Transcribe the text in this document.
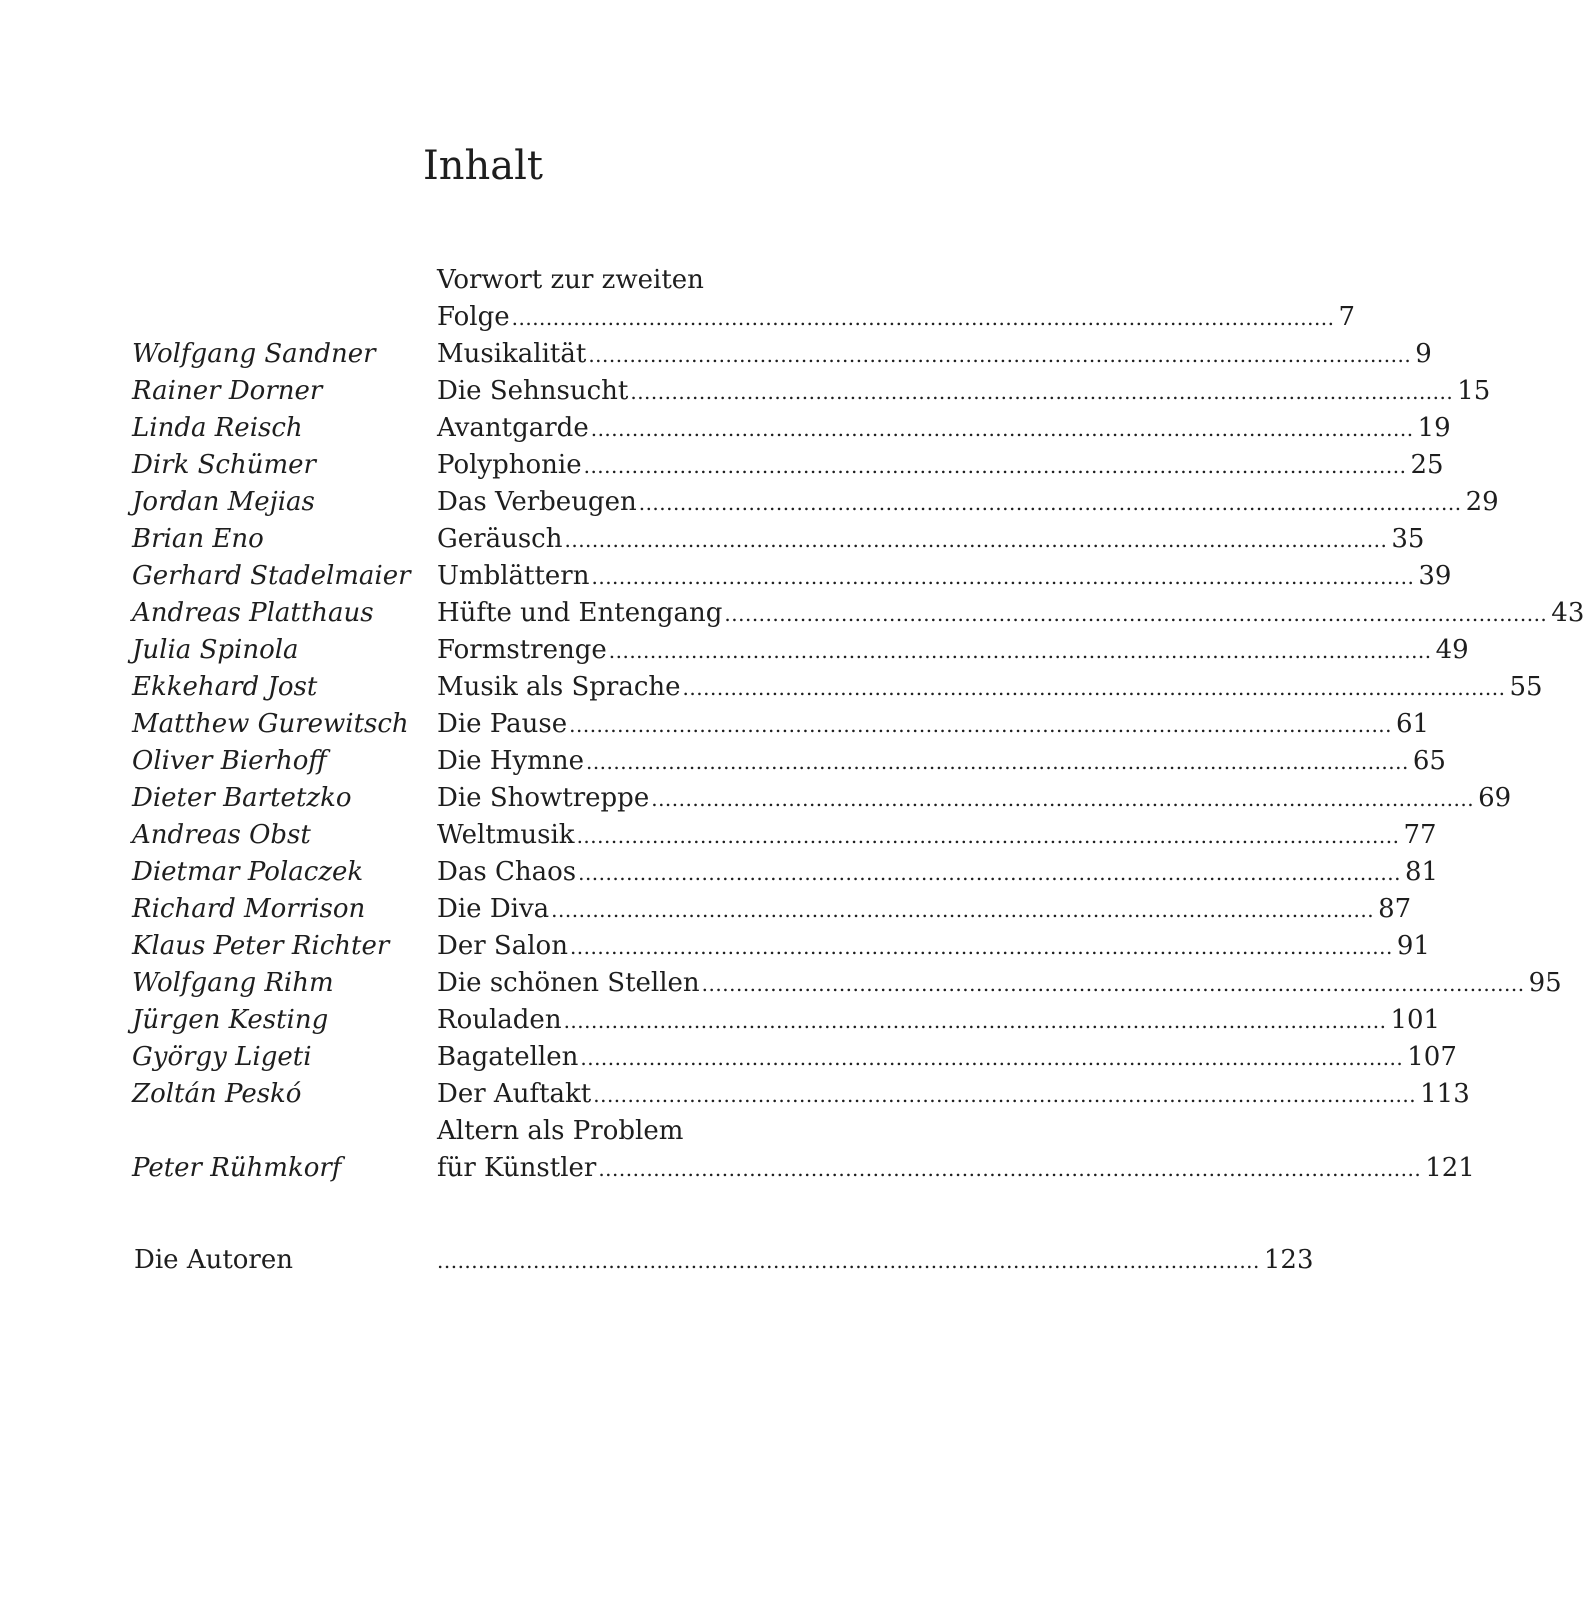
Inhalt
Vorwort zur zweiten
Folge ........................................................................................................................ 7
Musikalität ........................................................................................................................ 9
Wolfgang Sandner
Die Sehnsucht ........................................................................................................................ 15
Rainer Dorner
Avantgarde ........................................................................................................................ 19
Linda Reisch
Polyphonie ........................................................................................................................ 25
Dirk Schümer
Das Verbeugen ........................................................................................................................ 29
Jordan Mejias
Geräusch ........................................................................................................................ 35
Brian Eno
Umblättern ........................................................................................................................ 39
Gerhard Stadelmaier
Hüfte und Entengang ........................................................................................................................ 43
Andreas Platthaus
Formstrenge ........................................................................................................................ 49
Julia Spinola
Musik als Sprache ........................................................................................................................ 55
Ekkehard Jost
Die Pause ........................................................................................................................ 61
Matthew Gurewitsch
Die Hymne ........................................................................................................................ 65
Oliver Bierhoff
Die Showtreppe ........................................................................................................................ 69
Dieter Bartetzko
Weltmusik ........................................................................................................................ 77
Andreas Obst
Das Chaos ........................................................................................................................ 81
Dietmar Polaczek
Die Diva ........................................................................................................................ 87
Richard Morrison
Der Salon ........................................................................................................................ 91
Klaus Peter Richter
Die schönen Stellen ........................................................................................................................ 95
Wolfgang Rihm
Rouladen ........................................................................................................................ 101
Jürgen Kesting
Bagatellen ........................................................................................................................ 107
György Ligeti
Der Auftakt ........................................................................................................................ 113
Zoltán Peskó
Altern als Problem
für Künstler ........................................................................................................................ 121
Peter Rühmkorf
Die Autoren	........................................................................................................................ 123
